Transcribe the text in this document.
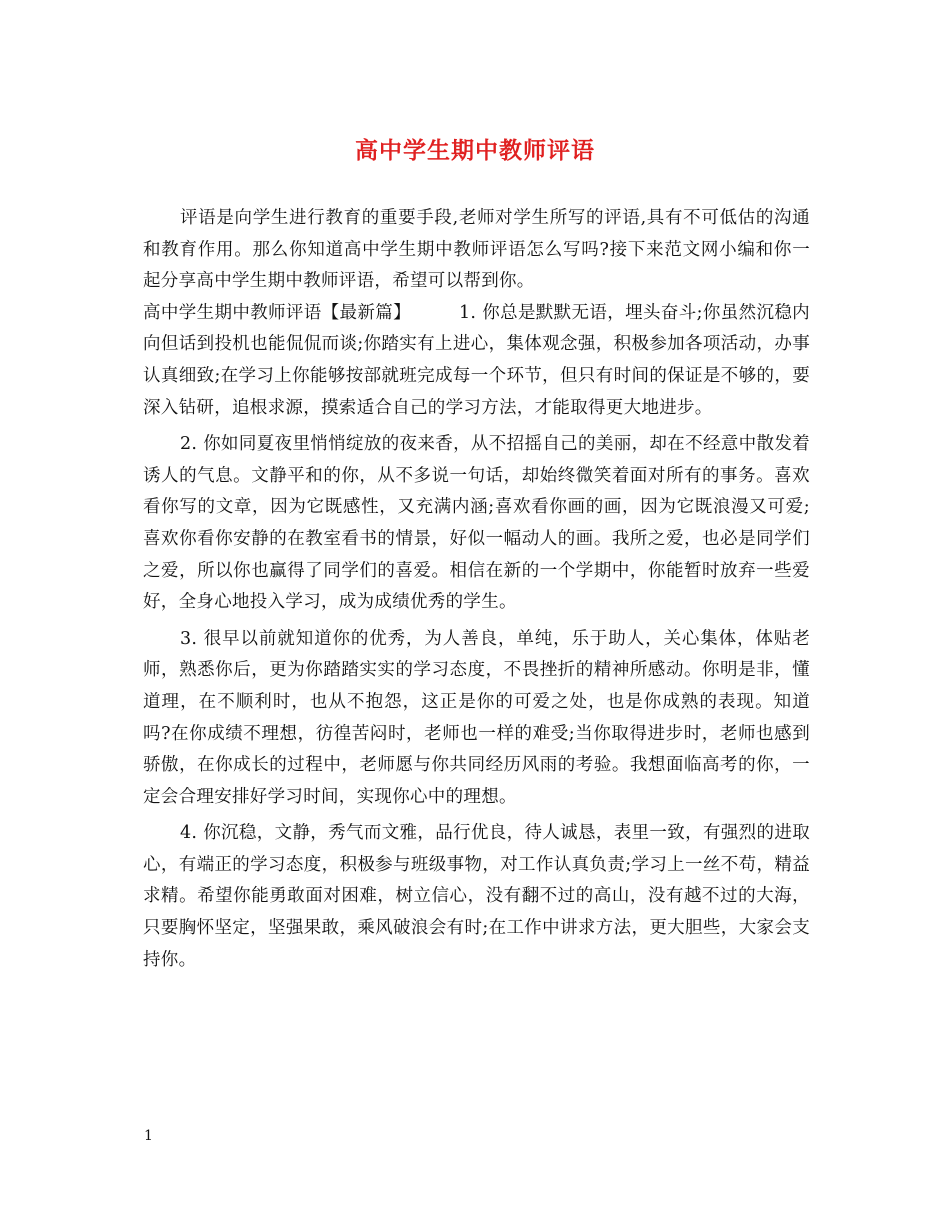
高中学生期中教师评语

评语是向学生进行教育的重要手段,老师对学生所写的评语,具有不可低估的沟通和教育作用。那么你知道高中学生期中教师评语怎么写吗?接下来范文网小编和你一起分享高中学生期中教师评语，希望可以帮到你。

高中学生期中教师评语【最新篇】	1. 你总是默默无语，埋头奋斗;你虽然沉稳内向但话到投机也能侃侃而谈;你踏实有上进心，集体观念强，积极参加各项活动，办事认真细致;在学习上你能够按部就班完成每一个环节，但只有时间的保证是不够的，要深入钻研，追根求源，摸索适合自己的学习方法，才能取得更大地进步。

2. 你如同夏夜里悄悄绽放的夜来香，从不招摇自己的美丽，却在不经意中散发着诱人的气息。文静平和的你，从不多说一句话，却始终微笑着面对所有的事务。喜欢看你写的文章，因为它既感性，又充满内涵;喜欢看你画的画，因为它既浪漫又可爱;喜欢你看你安静的在教室看书的情景，好似一幅动人的画。我所之爱，也必是同学们之爱，所以你也赢得了同学们的喜爱。相信在新的一个学期中，你能暂时放弃一些爱好，全身心地投入学习，成为成绩优秀的学生。

3. 很早以前就知道你的优秀，为人善良，单纯，乐于助人，关心集体，体贴老师，熟悉你后，更为你踏踏实实的学习态度，不畏挫折的精神所感动。你明是非，懂道理，在不顺利时，也从不抱怨，这正是你的可爱之处，也是你成熟的表现。知道吗?在你成绩不理想，彷徨苦闷时，老师也一样的难受;当你取得进步时，老师也感到骄傲，在你成长的过程中，老师愿与你共同经历风雨的考验。我想面临高考的你，一定会合理安排好学习时间，实现你心中的理想。

4. 你沉稳，文静，秀气而文雅，品行优良，待人诚恳，表里一致，有强烈的进取心，有端正的学习态度，积极参与班级事物，对工作认真负责;学习上一丝不苟，精益求精。希望你能勇敢面对困难，树立信心，没有翻不过的高山，没有越不过的大海，只要胸怀坚定，坚强果敢，乘风破浪会有时;在工作中讲求方法，更大胆些，大家会支持你。

1
